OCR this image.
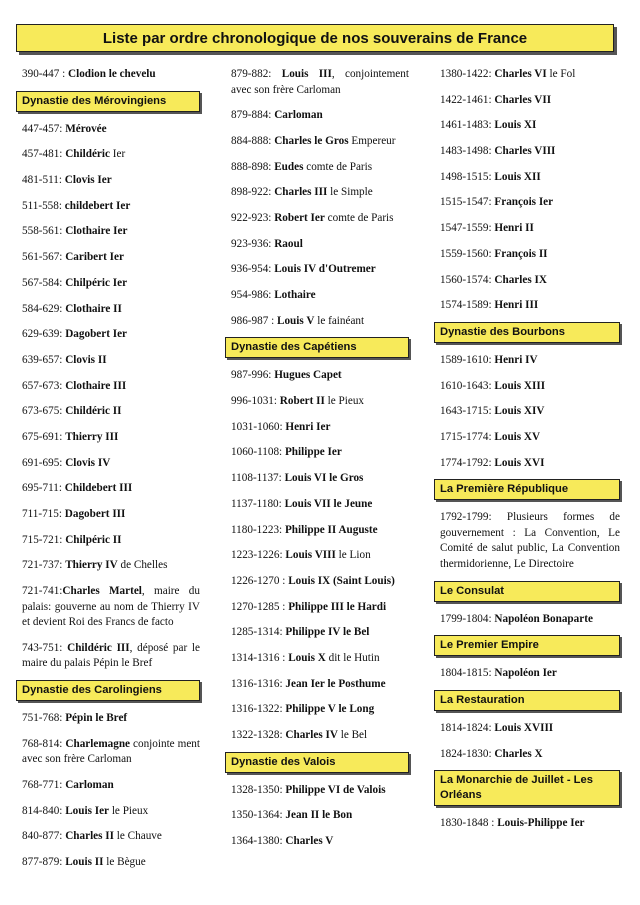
Liste par ordre chronologique de nos souverains de France
390-447 : Clodion le chevelu
Dynastie des Mérovingiens
447-457: Mérovée
457-481: Childéric Ier
481-511: Clovis Ier
511-558: childebert Ier
558-561: Clothaire Ier
561-567: Caribert Ier
567-584: Chilpéric Ier
584-629: Clothaire II
629-639: Dagobert Ier
639-657: Clovis II
657-673: Clothaire III
673-675: Childéric II
675-691: Thierry III
691-695: Clovis IV
695-711: Childebert III
711-715: Dagobert III
715-721: Chilpéric II
721-737: Thierry IV de Chelles
721-741:Charles Martel, maire du palais: gouverne au nom de Thierry IV et devient Roi des Francs de facto
743-751: Childéric III, déposé par le maire du palais Pépin le Bref
Dynastie des Carolingiens
751-768: Pépin le Bref
768-814: Charlemagne conjointe ment avec son frère Carloman
768-771: Carloman
814-840: Louis Ier le Pieux
840-877: Charles II le Chauve
877-879: Louis II le Bègue
879-882: Louis III, conjointement avec son frère Carloman
879-884: Carloman
884-888: Charles le Gros Empereur
888-898: Eudes comte de Paris
898-922: Charles III le Simple
922-923: Robert Ier comte de Paris
923-936: Raoul
936-954: Louis IV d'Outremer
954-986: Lothaire
986-987 : Louis V le fainéant
Dynastie des Capétiens
987-996: Hugues Capet
996-1031: Robert II le Pieux
1031-1060: Henri Ier
1060-1108: Philippe Ier
1108-1137: Louis VI le Gros
1137-1180: Louis VII le Jeune
1180-1223: Philippe II Auguste
1223-1226: Louis VIII le Lion
1226-1270 : Louis IX (Saint Louis)
1270-1285 : Philippe III le Hardi
1285-1314: Philippe IV le Bel
1314-1316 : Louis X dit le Hutin
1316-1316: Jean Ier le Posthume
1316-1322: Philippe V le Long
1322-1328: Charles IV le Bel
Dynastie des Valois
1328-1350: Philippe VI de Valois
1350-1364: Jean II le Bon
1364-1380: Charles V
1380-1422: Charles VI le Fol
1422-1461: Charles VII
1461-1483: Louis XI
1483-1498: Charles VIII
1498-1515: Louis XII
1515-1547: François Ier
1547-1559: Henri II
1559-1560: François II
1560-1574: Charles IX
1574-1589: Henri III
Dynastie des Bourbons
1589-1610: Henri IV
1610-1643: Louis XIII
1643-1715: Louis XIV
1715-1774: Louis XV
1774-1792: Louis XVI
La Première République
1792-1799: Plusieurs formes de gouvernement : La Convention, Le Comité de salut public, La Convention thermidorienne, Le Directoire
Le Consulat
1799-1804: Napoléon Bonaparte
Le Premier Empire
1804-1815: Napoléon Ier
La Restauration
1814-1824: Louis XVIII
1824-1830: Charles X
La Monarchie de Juillet - Les Orléans
1830-1848 : Louis-Philippe Ier
